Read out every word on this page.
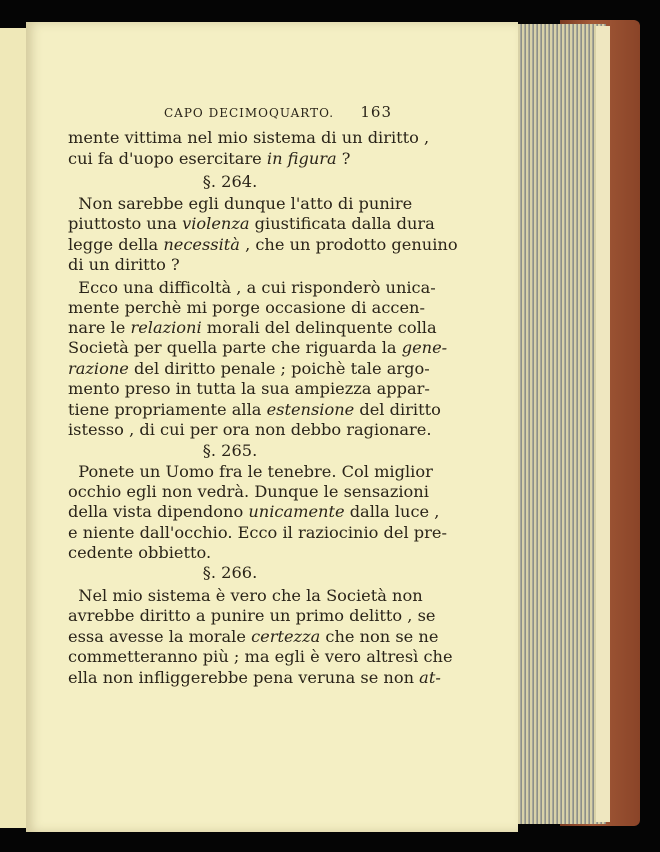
CAPO DECIMOQUARTO. 163
mente vittima nel mio sistema di un diritto ,
cui fa d'uopo esercitare in figura ?
§. 264.
Non sarebbe egli dunque l'atto di punire
piuttosto una violenza giustificata dalla dura
legge della necessità , che un prodotto genuino
di un diritto ?
Ecco una difficoltà , a cui risponderò unica-
mente perchè mi porge occasione di accen-
nare le relazioni morali del delinquente colla
Società per quella parte che riguarda la gene-
razione del diritto penale ; poichè tale argo-
mento preso in tutta la sua ampiezza appar-
tiene propriamente alla estensione del diritto
istesso , di cui per ora non debbo ragionare.
§. 265.
Ponete un Uomo fra le tenebre. Col miglior
occhio egli non vedrà. Dunque le sensazioni
della vista dipendono unicamente dalla luce ,
e niente dall'occhio. Ecco il raziocinio del pre-
cedente obbietto.
§. 266.
Nel mio sistema è vero che la Società non
avrebbe diritto a punire un primo delitto , se
essa avesse la morale certezza che non se ne
commetteranno più ; ma egli è vero altresì che
ella non infliggerebbe pena veruna se non at-
